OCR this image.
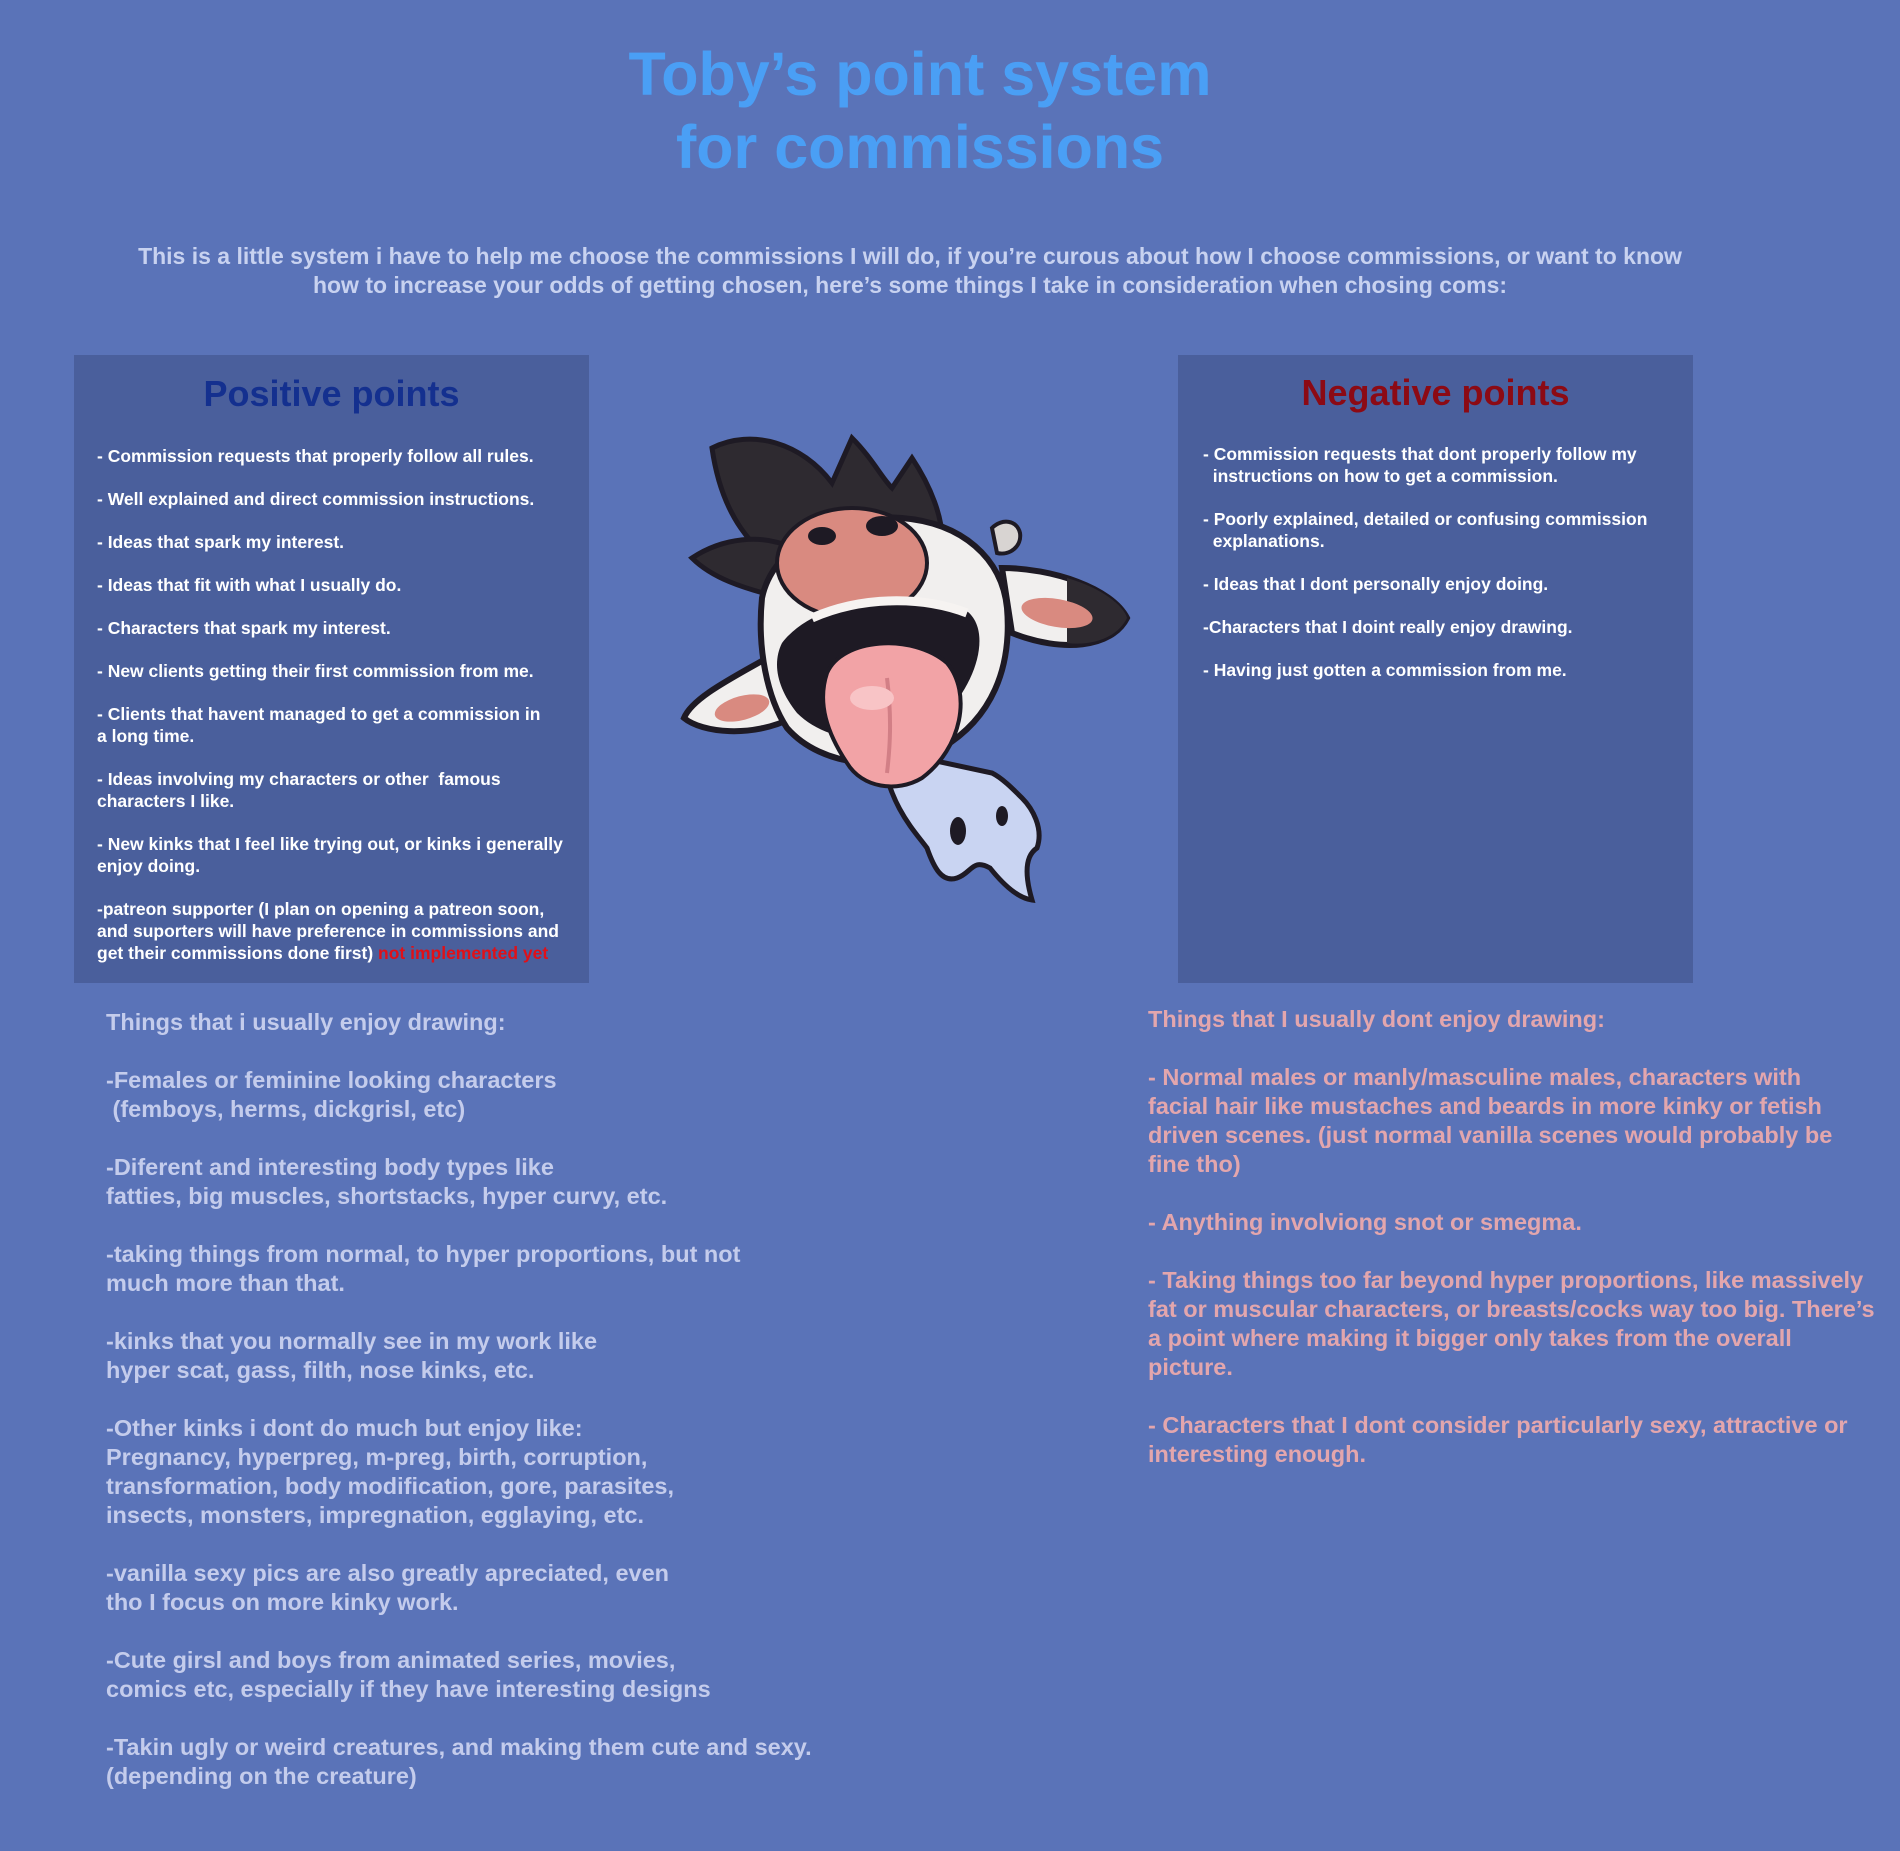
Toby’s point system
for commissions

This is a little system i have to help me choose the commissions I will do, if you’re curous about how I choose commissions, or want to know
how to increase your odds of getting chosen, here’s some things I take in consideration when chosing coms:

Positive points
- Commission requests that properly follow all rules.
- Well explained and direct commission instructions.
- Ideas that spark my interest.
- Ideas that fit with what I usually do.
- Characters that spark my interest.
- New clients getting their first commission from me.
- Clients that havent managed to get a commission in
a long time.
- Ideas involving my characters or other  famous
characters I like.
- New kinks that I feel like trying out, or kinks i generally
enjoy doing.
-patreon supporter (I plan on opening a patreon soon,
and suporters will have preference in commissions and
get their commissions done first) not implemented yet
Negative points
- Commission requests that dont properly follow my
instructions on how to get a commission.
- Poorly explained, detailed or confusing commission
explanations.
- Ideas that I dont personally enjoy doing.
-Characters that I doint really enjoy drawing.
- Having just gotten a commission from me.

Things that i usually enjoy drawing:

-Females or feminine looking characters
(femboys, herms, dickgrisl, etc)

-Diferent and interesting body types like
fatties, big muscles, shortstacks, hyper curvy, etc.

-taking things from normal, to hyper proportions, but not
much more than that.

-kinks that you normally see in my work like
hyper scat, gass, filth, nose kinks, etc.

-Other kinks i dont do much but enjoy like:
Pregnancy, hyperpreg, m-preg, birth, corruption,
transformation, body modification, gore, parasites,
insects, monsters, impregnation, egglaying, etc.

-vanilla sexy pics are also greatly apreciated, even
tho I focus on more kinky work.

-Cute girsl and boys from animated series, movies,
comics etc, especially if they have interesting designs

-Takin ugly or weird creatures, and making them cute and sexy.
(depending on the creature)

Things that I usually dont enjoy drawing:

- Normal males or manly/masculine males, characters with
facial hair like mustaches and beards in more kinky or fetish
driven scenes. (just normal vanilla scenes would probably be
fine tho)

- Anything involviong snot or smegma.

- Taking things too far beyond hyper proportions, like massively
fat or muscular characters, or breasts/cocks way too big. There’s
a point where making it bigger only takes from the overall
picture.

- Characters that I dont consider particularly sexy, attractive or
interesting enough.
